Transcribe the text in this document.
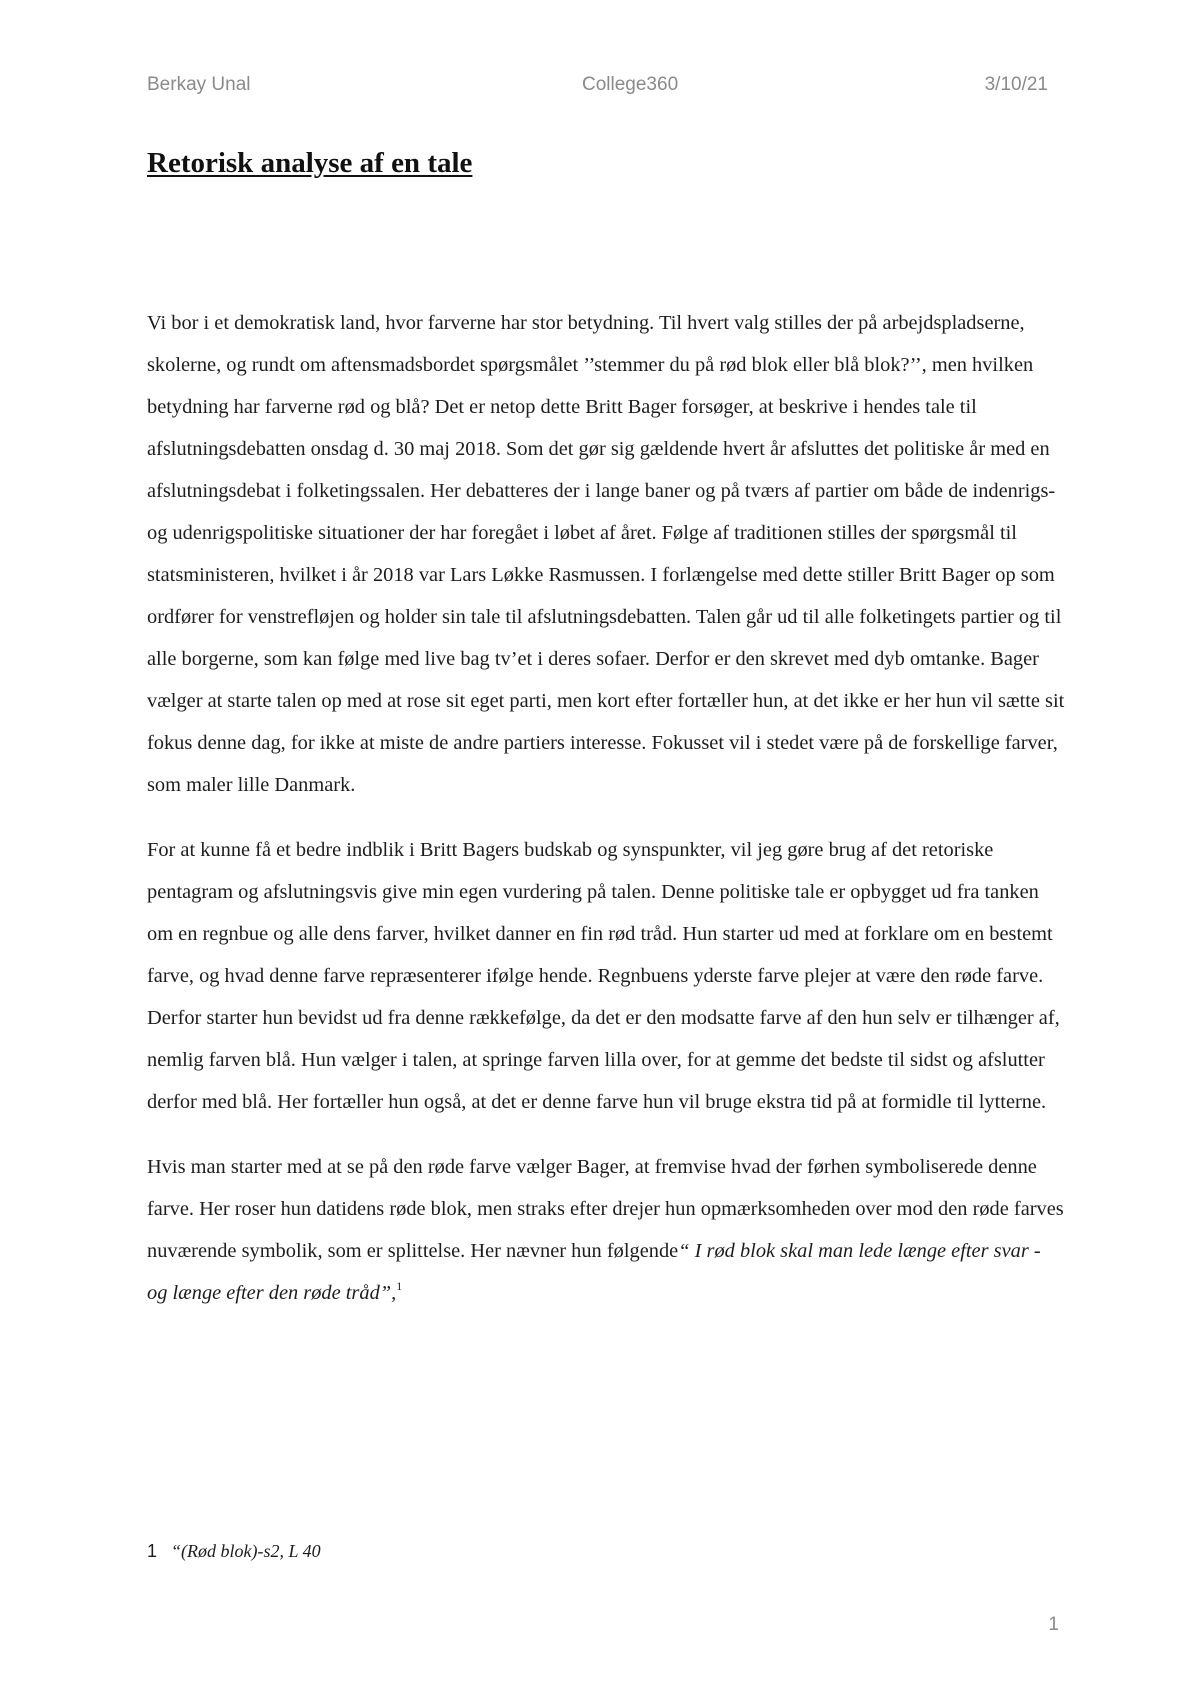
Berkay Unal	College360	3/10/21
Retorisk analyse af en tale

Vi bor i et demokratisk land, hvor farverne har stor betydning. Til hvert valg stilles der på arbejdspladserne, skolerne, og rundt om aftensmadsbordet spørgsmålet ’’stemmer du på rød blok eller blå blok?’’, men hvilken betydning har farverne rød og blå? Det er netop dette Britt Bager forsøger, at beskrive i hendes tale til afslutningsdebatten onsdag d. 30 maj 2018. Som det gør sig gældende hvert år afsluttes det politiske år med en afslutningsdebat i folketingssalen. Her debatteres der i lange baner og på tværs af partier om både de indenrigs- og udenrigspolitiske situationer der har foregået i løbet af året. Følge af traditionen stilles der spørgsmål til statsministeren, hvilket i år 2018 var Lars Løkke Rasmussen. I forlængelse med dette stiller Britt Bager op som ordfører for venstrefløjen og holder sin tale til afslutningsdebatten. Talen går ud til alle folketingets partier og til alle borgerne, som kan følge med live bag tv’et i deres sofaer. Derfor er den skrevet med dyb omtanke. Bager vælger at starte talen op med at rose sit eget parti, men kort efter fortæller hun, at det ikke er her hun vil sætte sit fokus denne dag, for ikke at miste de andre partiers interesse. Fokusset vil i stedet være på de forskellige farver, som maler lille Danmark.

For at kunne få et bedre indblik i Britt Bagers budskab og synspunkter, vil jeg gøre brug af det retoriske pentagram og afslutningsvis give min egen vurdering på talen. Denne politiske tale er opbygget ud fra tanken om en regnbue og alle dens farver, hvilket danner en fin rød tråd. Hun starter ud med at forklare om en bestemt farve, og hvad denne farve repræsenterer ifølge hende. Regnbuens yderste farve plejer at være den røde farve. Derfor starter hun bevidst ud fra denne rækkefølge, da det er den modsatte farve af den hun selv er tilhænger af, nemlig farven blå. Hun vælger i talen, at springe farven lilla over, for at gemme det bedste til sidst og afslutter derfor med blå. Her fortæller hun også, at det er denne farve hun vil bruge ekstra tid på at formidle til lytterne.

Hvis man starter med at se på den røde farve vælger Bager, at fremvise hvad der førhen symboliserede denne farve. Her roser hun datidens røde blok, men straks efter drejer hun opmærksomheden over mod den røde farves nuværende symbolik, som er splittelse. Her nævner hun følgende“ I rød blok skal man lede længe efter svar - og længe efter den røde tråd”,$^1$

1 “(Rød blok)-s2, L 40
1
